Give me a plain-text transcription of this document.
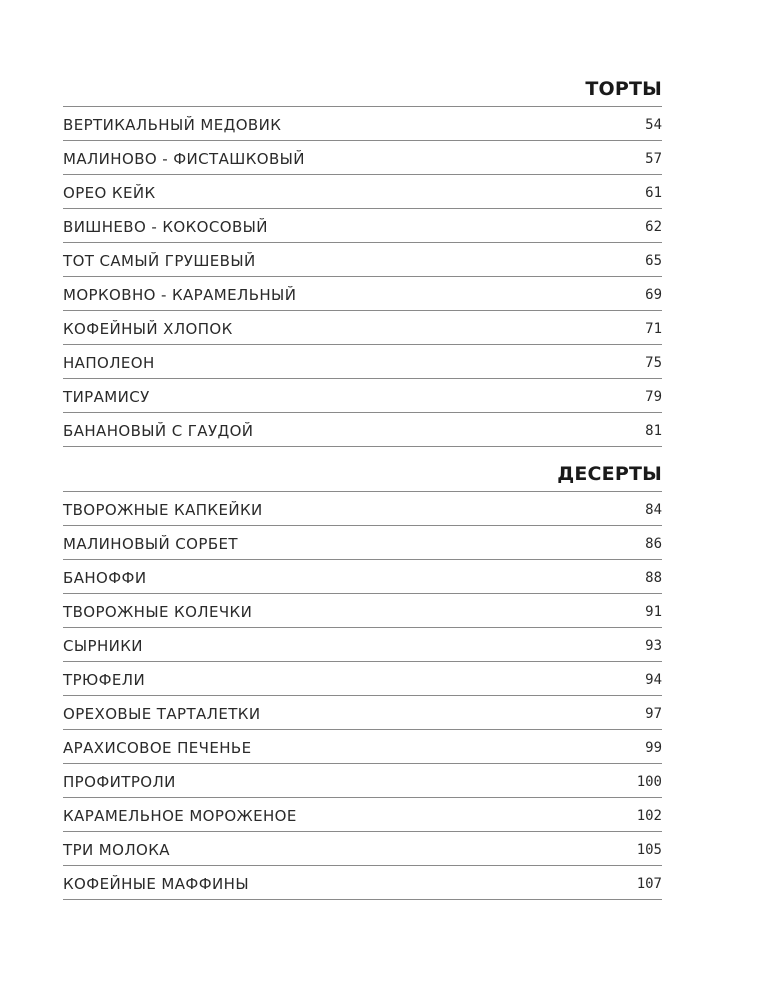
ТОРТЫ
ВЕРТИКАЛЬНЫЙ МЕДОВИК	54
МАЛИНОВО - ФИСТАШКОВЫЙ	57
ОРЕО КЕЙК	61
ВИШНЕВО - КОКОСОВЫЙ	62
ТОТ САМЫЙ ГРУШЕВЫЙ	65
МОРКОВНО - КАРАМЕЛЬНЫЙ	69
КОФЕЙНЫЙ ХЛОПОК	71
НАПОЛЕОН	75
ТИРАМИСУ	79
БАНАНОВЫЙ С ГАУДОЙ	81
ДЕСЕРТЫ
ТВОРОЖНЫЕ КАПКЕЙКИ	84
МАЛИНОВЫЙ СОРБЕТ	86
БАНОФФИ	88
ТВОРОЖНЫЕ КОЛЕЧКИ	91
СЫРНИКИ	93
ТРЮФЕЛИ	94
ОРЕХОВЫЕ ТАРТАЛЕТКИ	97
АРАХИСОВОЕ ПЕЧЕНЬЕ	99
ПРОФИТРОЛИ	100
КАРАМЕЛЬНОЕ МОРОЖЕНОЕ	102
ТРИ МОЛОКА	105
КОФЕЙНЫЕ МАФФИНЫ	107
